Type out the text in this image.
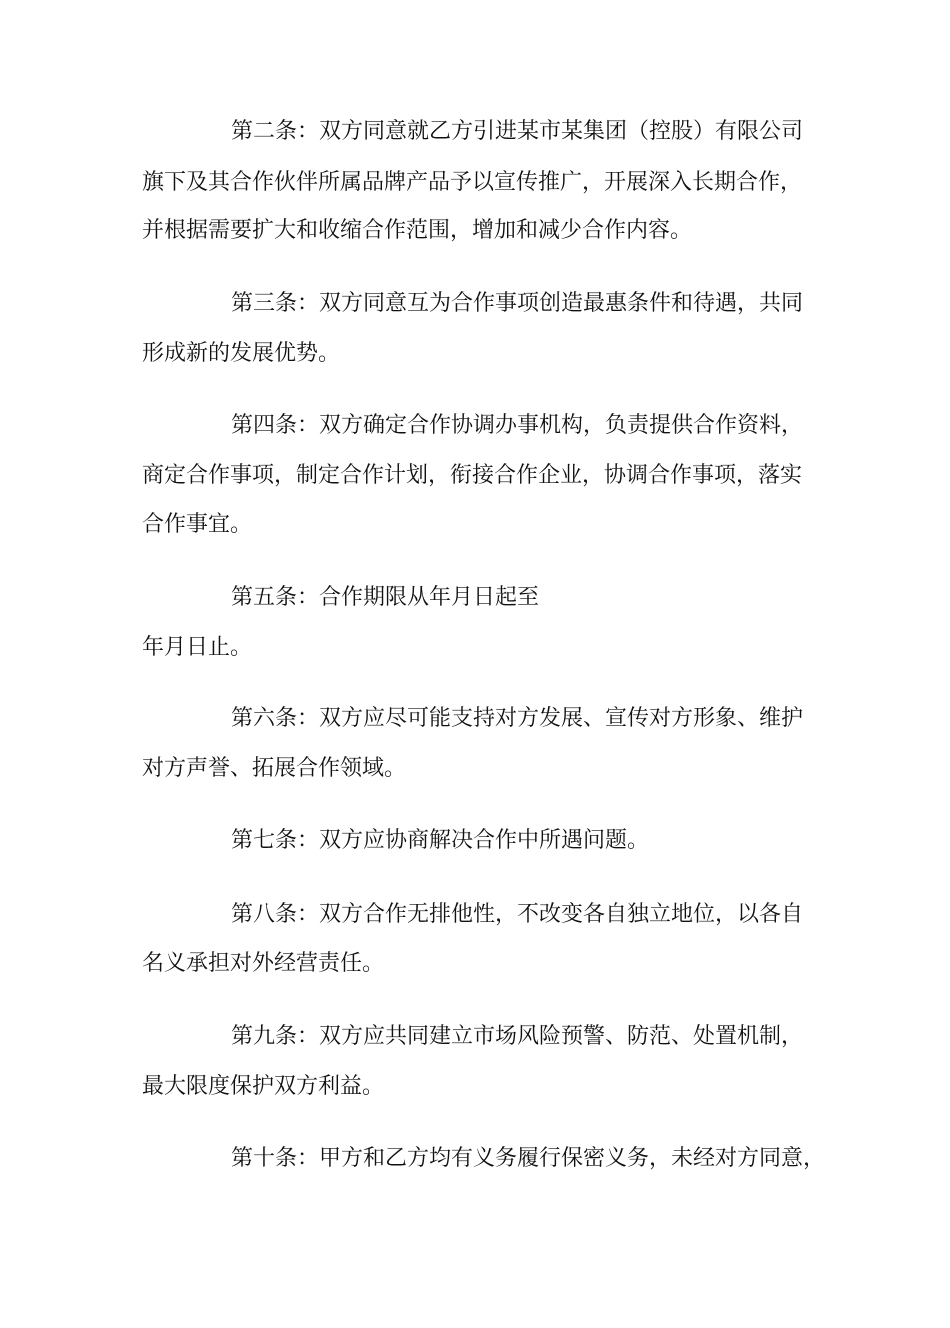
第二条：双方同意就乙方引进某市某集团（控股）有限公司
旗下及其合作伙伴所属品牌产品予以宣传推广，开展深入长期合作，
并根据需要扩大和收缩合作范围，增加和减少合作内容。
第三条：双方同意互为合作事项创造最惠条件和待遇，共同
形成新的发展优势。
第四条：双方确定合作协调办事机构，负责提供合作资料，
商定合作事项，制定合作计划，衔接合作企业，协调合作事项，落实
合作事宜。
第五条：合作期限从年月日起至
年月日止。
第六条：双方应尽可能支持对方发展、宣传对方形象、维护
对方声誉、拓展合作领域。
第七条：双方应协商解决合作中所遇问题。
第八条：双方合作无排他性，不改变各自独立地位，以各自
名义承担对外经营责任。
第九条：双方应共同建立市场风险预警、防范、处置机制，
最大限度保护双方利益。
第十条：甲方和乙方均有义务履行保密义务，未经对方同意，
